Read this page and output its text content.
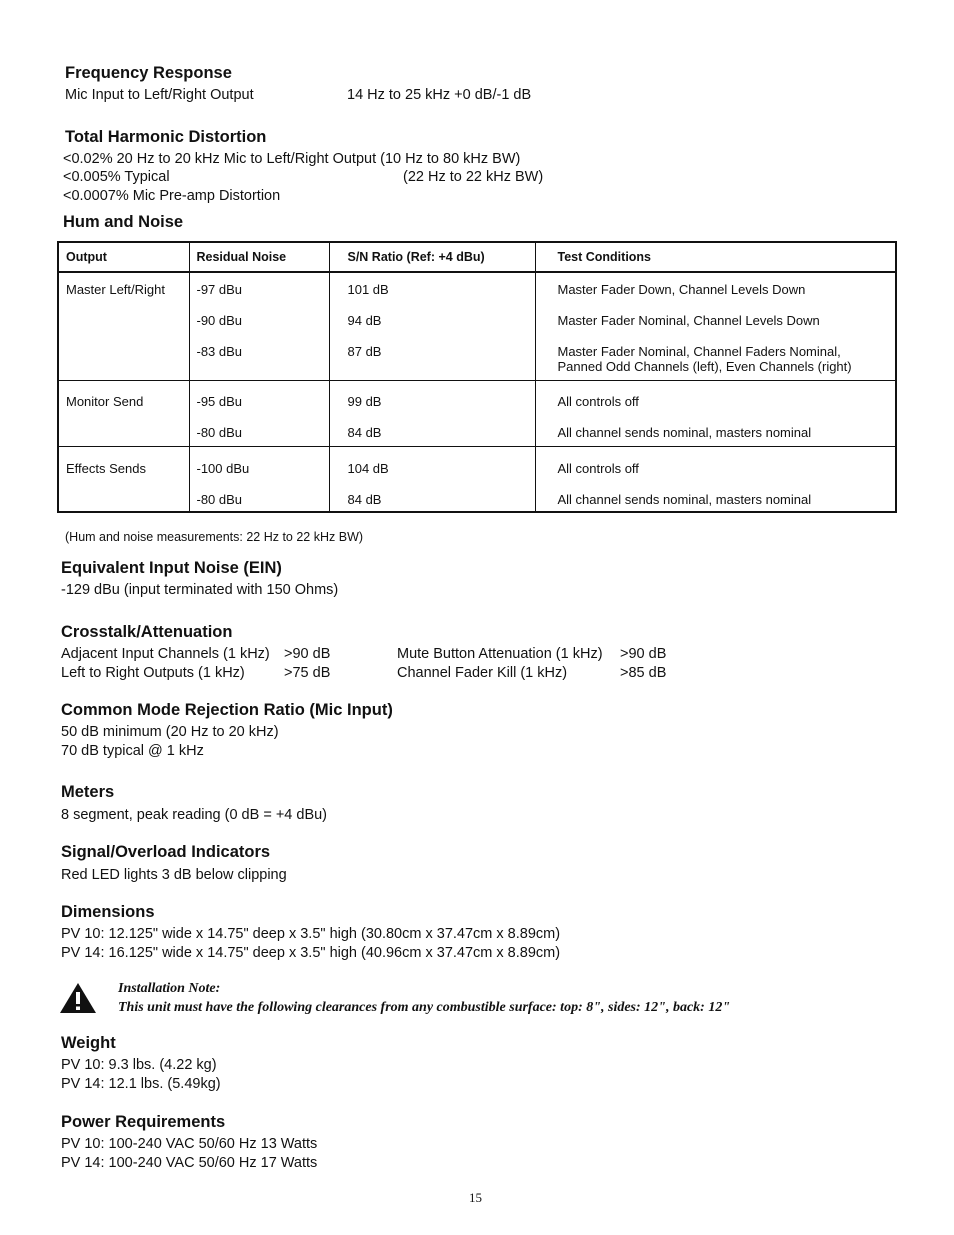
Frequency Response
Mic Input to Left/Right Output	14 Hz to 25 kHz +0 dB/-1 dB
Total Harmonic Distortion
<0.02% 20 Hz to 20 kHz Mic to Left/Right Output (10 Hz to 80 kHz BW)
<0.005% Typical	(22 Hz to 22 kHz BW)
<0.0007% Mic Pre-amp Distortion
Hum and Noise
Output	Residual Noise	S/N Ratio (Ref: +4 dBu)	Test Conditions
Master Left/Right	-97 dBu	101 dB	Master Fader Down, Channel Levels Down
	-90 dBu	94 dB	Master Fader Nominal, Channel Levels Down
	-83 dBu	87 dB	Master Fader Nominal, Channel Faders Nominal,
Panned Odd Channels (left), Even Channels (right)

Monitor Send	-95 dBu	99 dB	All controls off
	-80 dBu	84 dB	All channel sends nominal, masters nominal
Effects Sends	-100 dBu	104 dB	All controls off
	-80 dBu	84 dB	All channel sends nominal, masters nominal
(Hum and noise measurements: 22 Hz to 22 kHz BW)
Equivalent Input Noise (EIN)
-129 dBu (input terminated with 150 Ohms)
Crosstalk/Attenuation
Adjacent Input Channels (1 kHz) >90 dB	Mute Button Attenuation (1 kHz) >90 dB
Left to Right Outputs (1 kHz)	>75 dB	Channel Fader Kill (1 kHz)	>85 dB
Common Mode Rejection Ratio (Mic Input)
50 dB minimum (20 Hz to 20 kHz)
70 dB typical @ 1 kHz
Meters
8 segment, peak reading (0 dB = +4 dBu)
Signal/Overload Indicators
Red LED lights 3 dB below clipping
Dimensions
PV 10: 12.125" wide x 14.75" deep x 3.5" high (30.80cm x 37.47cm x 8.89cm)
PV 14: 16.125" wide x 14.75" deep x 3.5" high (40.96cm x 37.47cm x 8.89cm)
Installation Note:
This unit must have the following clearances from any combustible surface: top: 8", sides: 12", back: 12"
Weight
PV 10: 9.3 lbs. (4.22 kg)
PV 14: 12.1 lbs. (5.49kg)
Power Requirements
PV 10: 100-240 VAC 50/60 Hz 13 Watts
PV 14: 100-240 VAC 50/60 Hz 17 Watts
15
